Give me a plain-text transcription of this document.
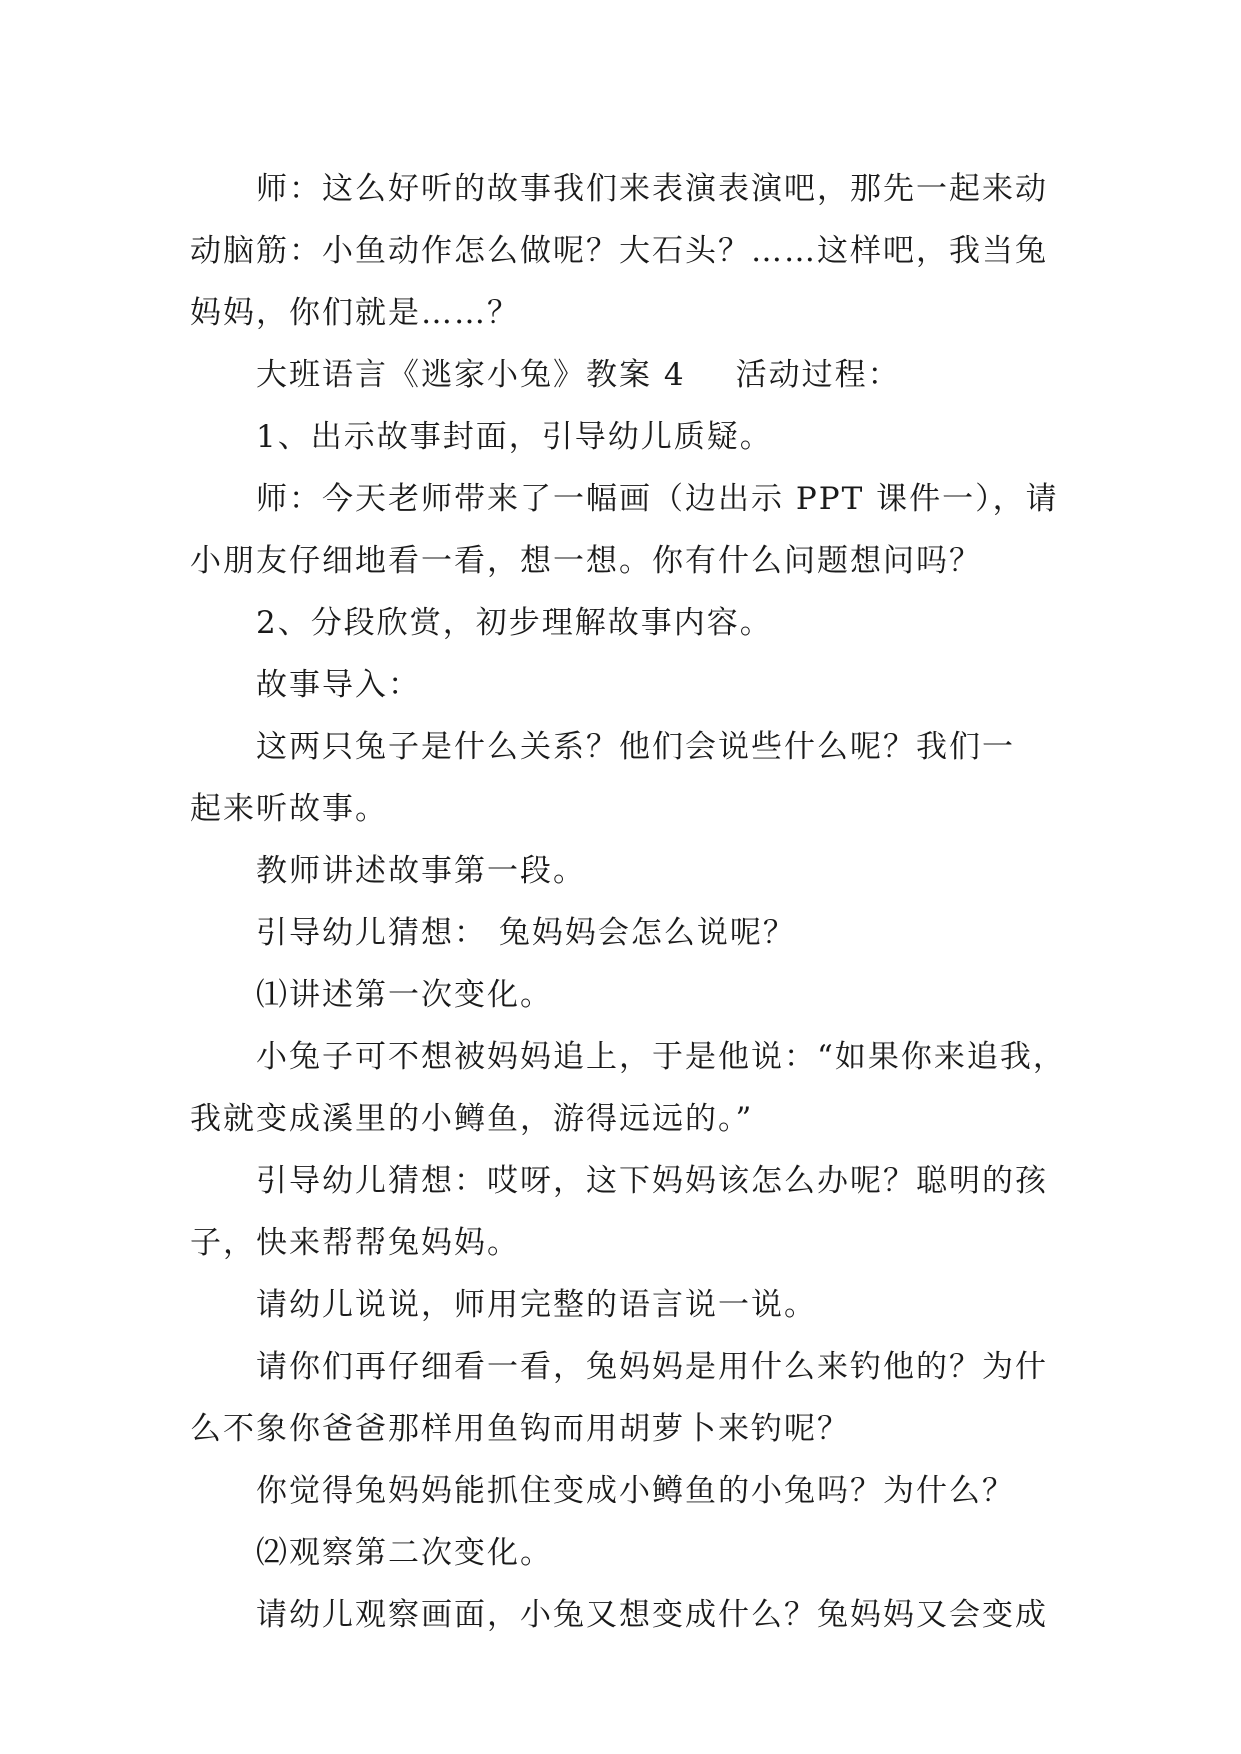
师：这么好听的故事我们来表演表演吧，那先一起来动
动脑筋：小鱼动作怎么做呢？大石头？……这样吧，我当兔
妈妈，你们就是……？
大班语言《逃家小兔》教案 4 活动过程：
1、出示故事封面，引导幼儿质疑。
师：今天老师带来了一幅画（边出示 PPT 课件一），请
小朋友仔细地看一看，想一想。你有什么问题想问吗？
2、分段欣赏，初步理解故事内容。
故事导入：
这两只兔子是什么关系？他们会说些什么呢？我们一
起来听故事。
教师讲述故事第一段。
引导幼儿猜想： 兔妈妈会怎么说呢？
⑴讲述第一次变化。
小兔子可不想被妈妈追上，于是他说：“如果你来追我，
我就变成溪里的小鳟鱼，游得远远的。”
引导幼儿猜想：哎呀，这下妈妈该怎么办呢？聪明的孩
子，快来帮帮兔妈妈。
请幼儿说说，师用完整的语言说一说。
请你们再仔细看一看，兔妈妈是用什么来钓他的？为什
么不象你爸爸那样用鱼钩而用胡萝卜来钓呢？
你觉得兔妈妈能抓住变成小鳟鱼的小兔吗？为什么？
⑵观察第二次变化。
请幼儿观察画面，小兔又想变成什么？兔妈妈又会变成
